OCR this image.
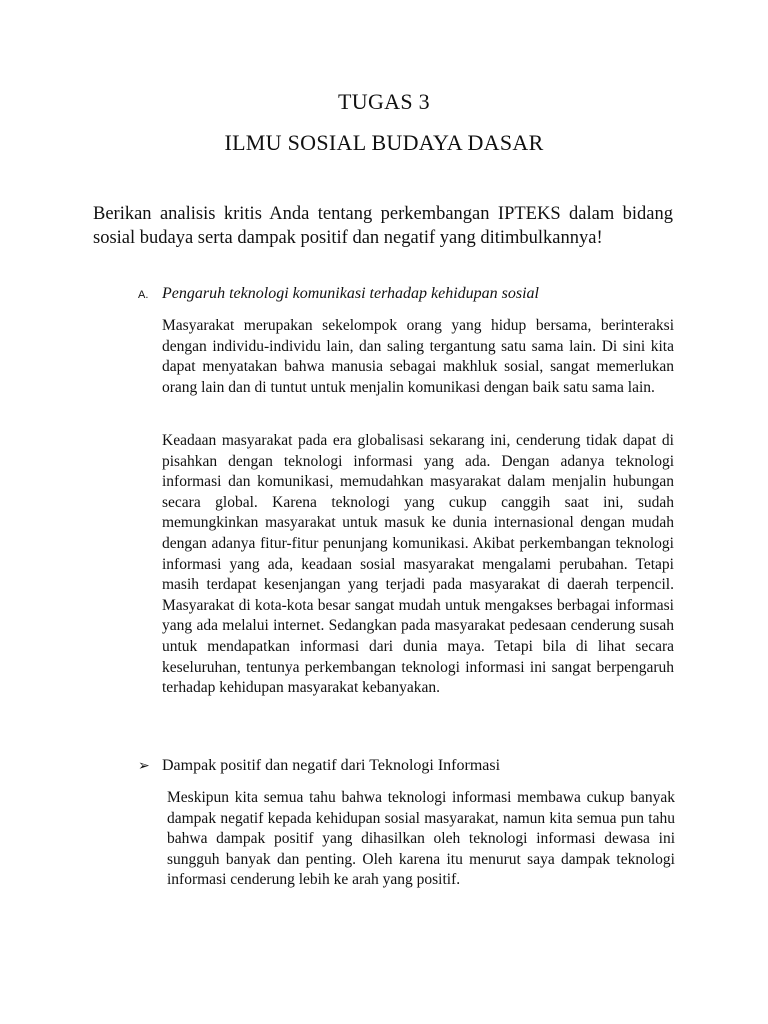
TUGAS 3
ILMU SOSIAL BUDAYA DASAR
Berikan analisis kritis Anda tentang perkembangan IPTEKS dalam bidang sosial budaya serta dampak positif dan negatif yang ditimbulkannya!
A. Pengaruh teknologi komunikasi terhadap kehidupan sosial
Masyarakat merupakan sekelompok orang yang hidup bersama, berinteraksi dengan individu-individu lain, dan saling tergantung satu sama lain. Di sini kita dapat menyatakan bahwa manusia sebagai makhluk sosial, sangat memerlukan orang lain dan di tuntut untuk menjalin komunikasi dengan baik satu sama lain.
Keadaan masyarakat pada era globalisasi sekarang ini, cenderung tidak dapat di pisahkan dengan teknologi informasi yang ada. Dengan adanya teknologi informasi dan komunikasi, memudahkan masyarakat dalam menjalin hubungan secara global. Karena teknologi yang cukup canggih saat ini, sudah memungkinkan masyarakat untuk masuk ke dunia internasional dengan mudah dengan adanya fitur-fitur penunjang komunikasi. Akibat perkembangan teknologi informasi yang ada, keadaan sosial masyarakat mengalami perubahan. Tetapi masih terdapat kesenjangan yang terjadi pada masyarakat di daerah terpencil. Masyarakat di kota-kota besar sangat mudah untuk mengakses berbagai informasi yang ada melalui internet. Sedangkan pada masyarakat pedesaan cenderung susah untuk mendapatkan informasi dari dunia maya. Tetapi bila di lihat secara keseluruhan, tentunya perkembangan teknologi informasi ini sangat berpengaruh terhadap kehidupan masyarakat kebanyakan.
➢ Dampak positif dan negatif dari Teknologi Informasi
Meskipun kita semua tahu bahwa teknologi informasi membawa cukup banyak dampak negatif kepada kehidupan sosial masyarakat, namun kita semua pun tahu bahwa dampak positif yang dihasilkan oleh teknologi informasi dewasa ini sungguh banyak dan penting. Oleh karena itu menurut saya dampak teknologi informasi cenderung lebih ke arah yang positif.
